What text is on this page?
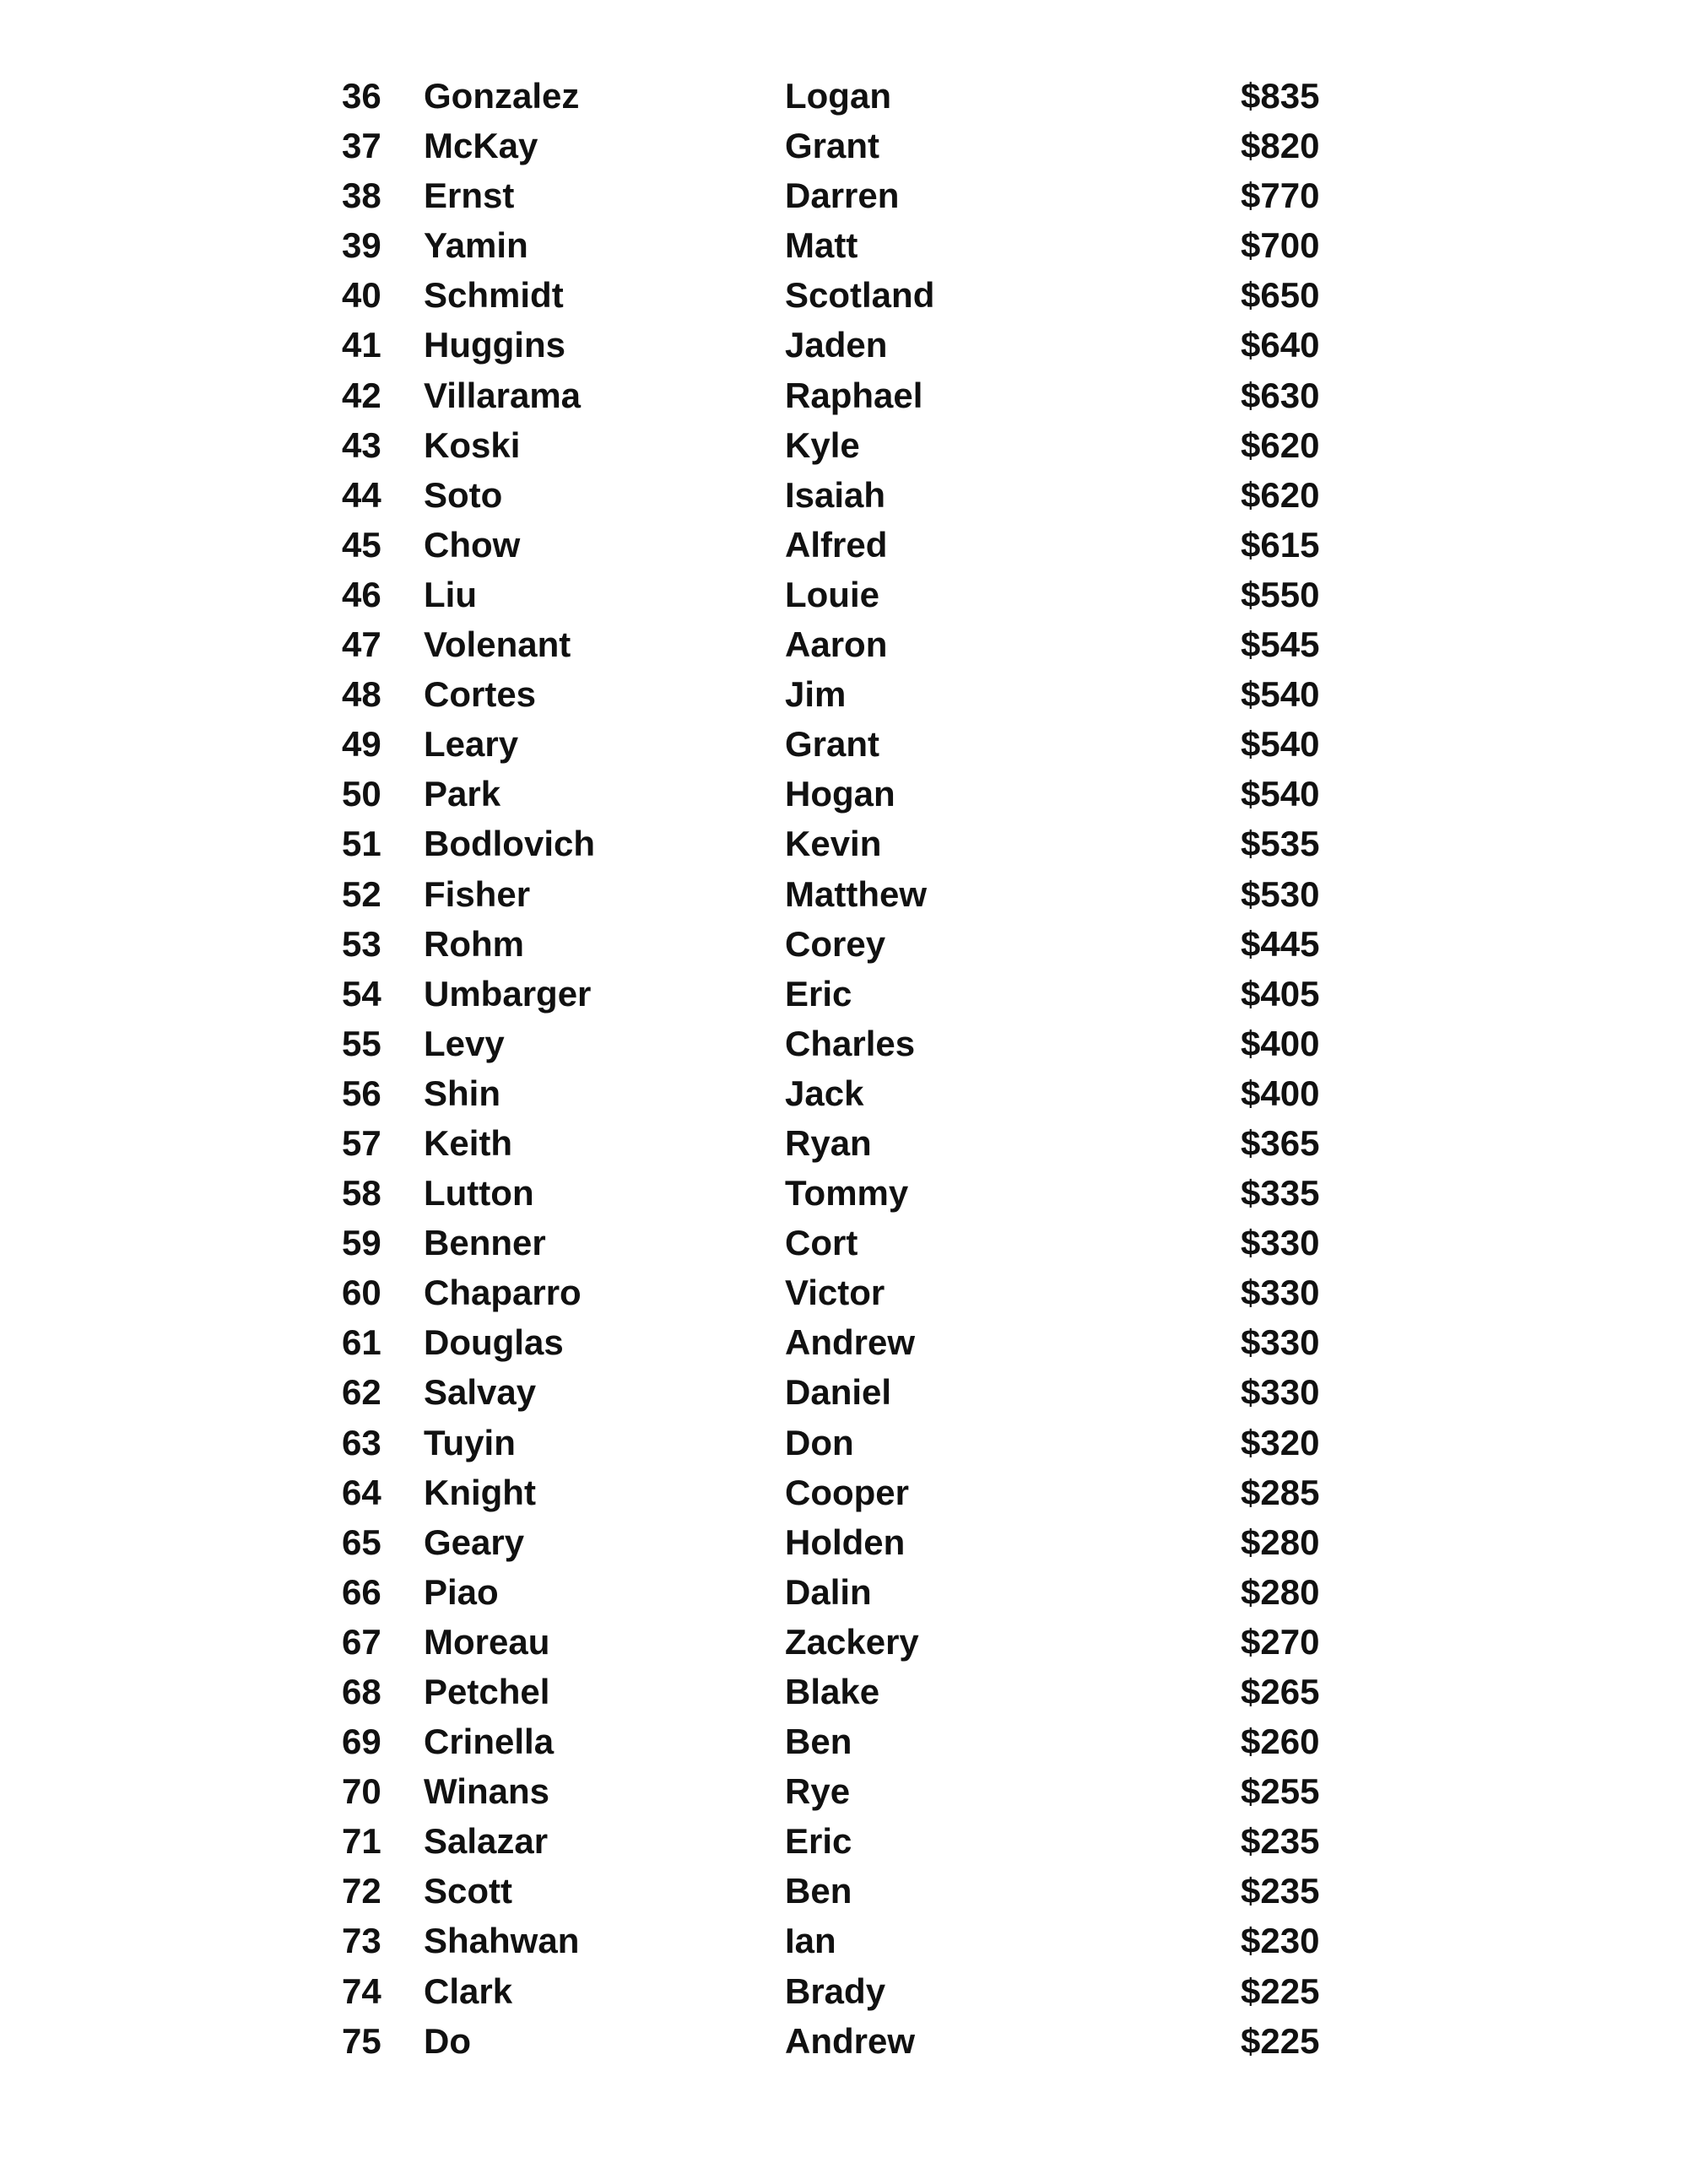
36	Gonzalez	Logan	$835
37	McKay	Grant	$820
38	Ernst	Darren	$770
39	Yamin	Matt	$700
40	Schmidt	Scotland	$650
41	Huggins	Jaden	$640
42	Villarama	Raphael	$630
43	Koski	Kyle	$620
44	Soto	Isaiah	$620
45	Chow	Alfred	$615
46	Liu	Louie	$550
47	Volenant	Aaron	$545
48	Cortes	Jim	$540
49	Leary	Grant	$540
50	Park	Hogan	$540
51	Bodlovich	Kevin	$535
52	Fisher	Matthew	$530
53	Rohm	Corey	$445
54	Umbarger	Eric	$405
55	Levy	Charles	$400
56	Shin	Jack	$400
57	Keith	Ryan	$365
58	Lutton	Tommy	$335
59	Benner	Cort	$330
60	Chaparro	Victor	$330
61	Douglas	Andrew	$330
62	Salvay	Daniel	$330
63	Tuyin	Don	$320
64	Knight	Cooper	$285
65	Geary	Holden	$280
66	Piao	Dalin	$280
67	Moreau	Zackery	$270
68	Petchel	Blake	$265
69	Crinella	Ben	$260
70	Winans	Rye	$255
71	Salazar	Eric	$235
72	Scott	Ben	$235
73	Shahwan	Ian	$230
74	Clark	Brady	$225
75	Do	Andrew	$225
